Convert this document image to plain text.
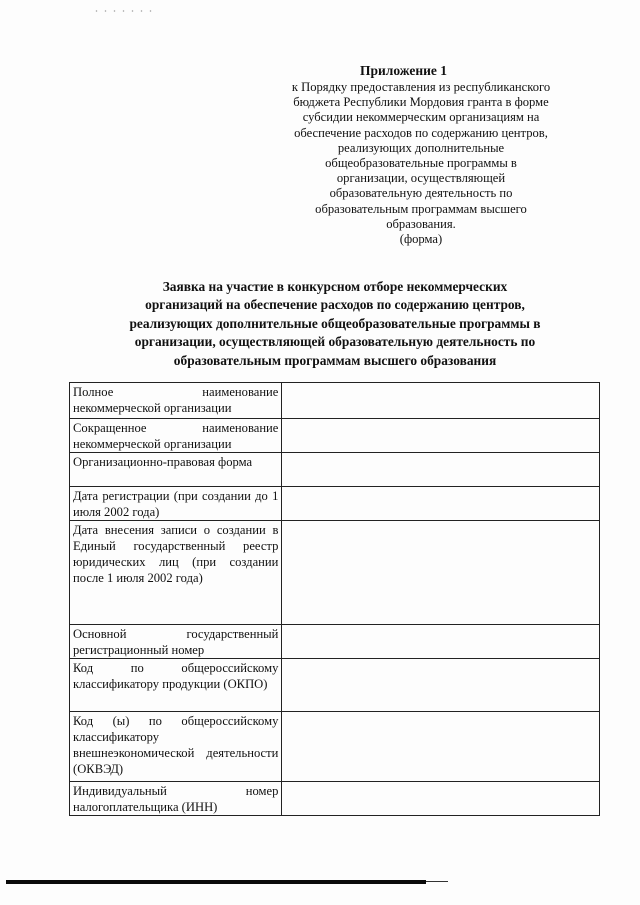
Приложение 1
к Порядку предоставления из республиканского
бюджета Республики Мордовия гранта в форме
субсидии некоммерческим организациям на
обеспечение расходов по содержанию центров,
реализующих дополнительные
общеобразовательные программы в
организации, осуществляющей
образовательную деятельность по
образовательным программам высшего
образования.
(форма)
Заявка на участие в конкурсном отборе некоммерческих
организаций на обеспечение расходов по содержанию центров,
реализующих дополнительные общеобразовательные программы в
организации, осуществляющей образовательную деятельность по
образовательным программам высшего образования
Полное наименование некоммерческой организации	
Сокращенное наименование некоммерческой организации	
Организационно-правовая форма	
Дата регистрации (при создании до 1 июля 2002 года)	
Дата внесения записи о создании в Единый государственный реестр юридических лиц (при создании после 1 июля 2002 года)	
Основной государственный регистрационный номер	
Код по общероссийскому классификатору продукции (ОКПО)	
Код (ы) по общероссийскому классификатору внешнеэкономической деятельности (ОКВЭД)	
Индивидуальный номер налогоплательщика (ИНН)	
